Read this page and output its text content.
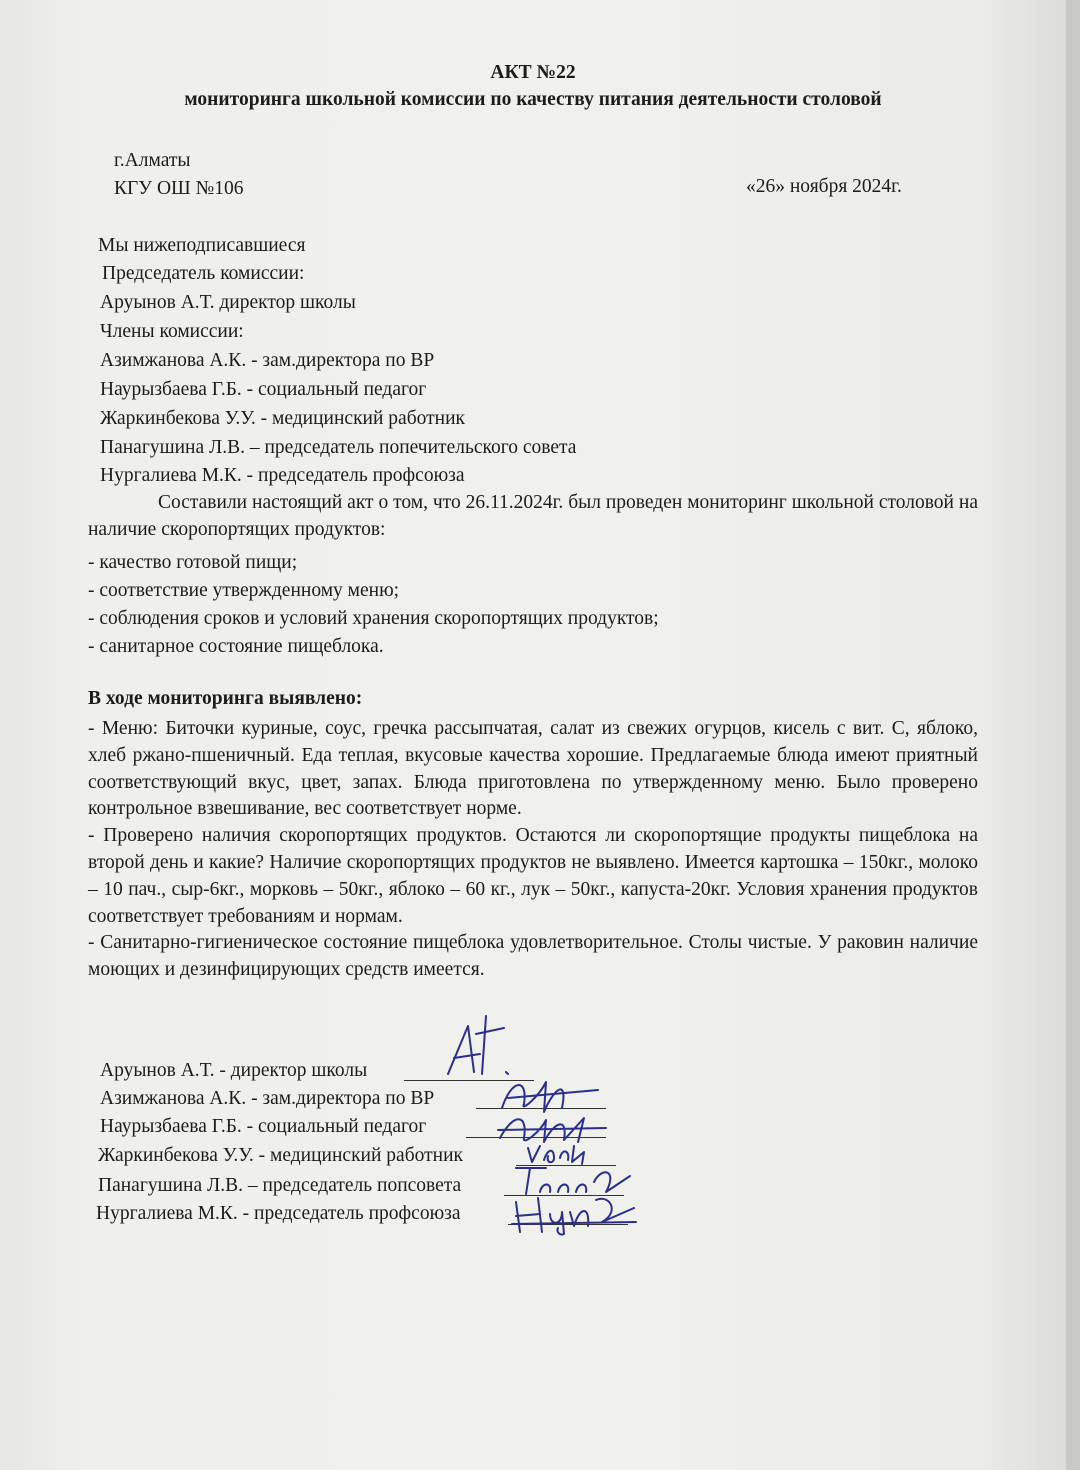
АКТ №22
мониторинга школьной комиссии по качеству питания деятельности столовой
г.Алматы
КГУ ОШ №106	«26» ноября 2024г.
Мы нижеподписавшиеся
Председатель комиссии:
Аруынов А.Т. директор школы
Члены комиссии:
Азимжанова А.К. - зам.директора по ВР
Наурызбаева Г.Б. - социальный педагог
Жаркинбекова У.У. - медицинский работник
Панагушина Л.В. – председатель попечительского совета
Нургалиева М.К. - председатель профсоюза

Составили настоящий акт о том, что 26.11.2024г. был проведен мониторинг школьной столовой на наличие скоропортящих продуктов:

- качество готовой пищи;
- соответствие утвержденному меню;
- соблюдения сроков и условий хранения скоропортящих продуктов;
- санитарное состояние пищеблока.
В ходе мониторинга выявлено:

- Меню: Биточки куриные, соус, гречка рассыпчатая, салат из свежих огурцов, кисель с вит. С, яблоко, хлеб ржано-пшеничный. Еда теплая, вкусовые качества хорошие. Предлагаемые блюда имеют приятный соответствующий вкус, цвет, запах. Блюда приготовлена по утвержденному меню. Было проверено контрольное взвешивание, вес соответствует норме.

- Проверено наличия скоропортящих продуктов. Остаются ли скоропортящие продукты пищеблока на второй день и какие? Наличие скоропортящих продуктов не выявлено. Имеется картошка – 150кг., молоко – 10 пач., сыр-6кг., морковь – 50кг., яблоко – 60 кг., лук – 50кг., капуста-20кг. Условия хранения продуктов соответствует требованиям и нормам.

- Санитарно-гигиеническое состояние пищеблока удовлетворительное. Столы чистые. У раковин наличие моющих и дезинфицирующих средств имеется.

Аруынов А.Т. - директор школы
Азимжанова А.К. - зам.директора по ВР
Наурызбаева Г.Б. - социальный педагог
Жаркинбекова У.У. - медицинский работник
Панагушина Л.В. – председатель попсовета
Нургалиева М.К. - председатель профсоюза
